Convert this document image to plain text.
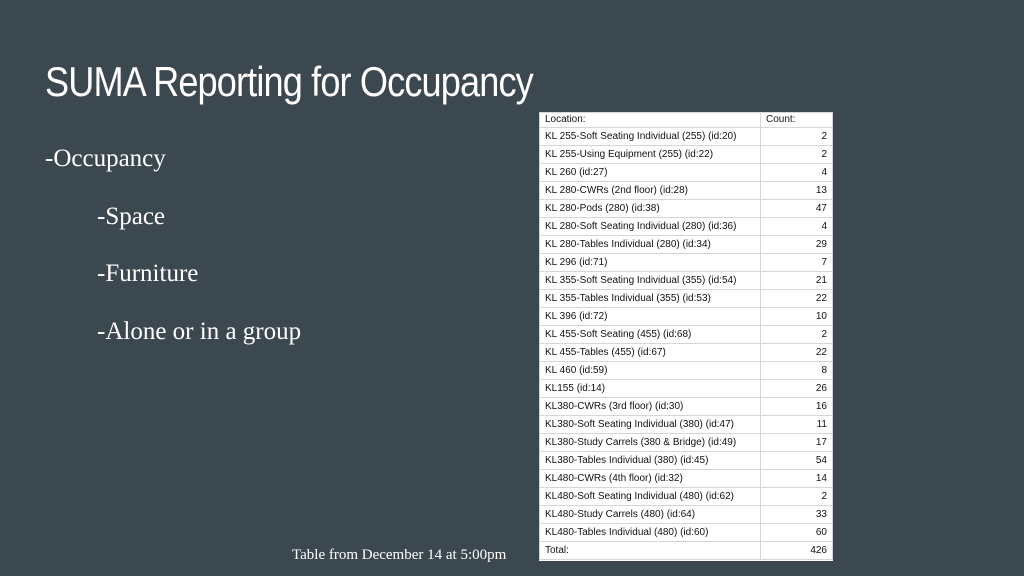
SUMA Reporting for Occupancy
-Occupancy
-Space
-Furniture
-Alone or in a group
Location:	Count:
KL 255-Soft Seating Individual (255) (id:20)	2
KL 255-Using Equipment (255) (id:22)	2
KL 260 (id:27)	4
KL 280-CWRs (2nd floor) (id:28)	13
KL 280-Pods (280) (id:38)	47
KL 280-Soft Seating Individual (280) (id:36)	4
KL 280-Tables Individual (280) (id:34)	29
KL 296 (id:71)	7
KL 355-Soft Seating Individual (355) (id:54)	21
KL 355-Tables Individual (355) (id:53)	22
KL 396 (id:72)	10
KL 455-Soft Seating (455) (id:68)	2
KL 455-Tables (455) (id:67)	22
KL 460 (id:59)	8
KL155 (id:14)	26
KL380-CWRs (3rd floor) (id:30)	16
KL380-Soft Seating Individual (380) (id:47)	11
KL380-Study Carrels (380 & Bridge) (id:49)	17
KL380-Tables Individual (380) (id:45)	54
KL480-CWRs (4th floor) (id:32)	14
KL480-Soft Seating Individual (480) (id:62)	2
KL480-Study Carrels (480) (id:64)	33
KL480-Tables Individual (480) (id:60)	60
Total:	426
Table from December 14 at 5:00pm
